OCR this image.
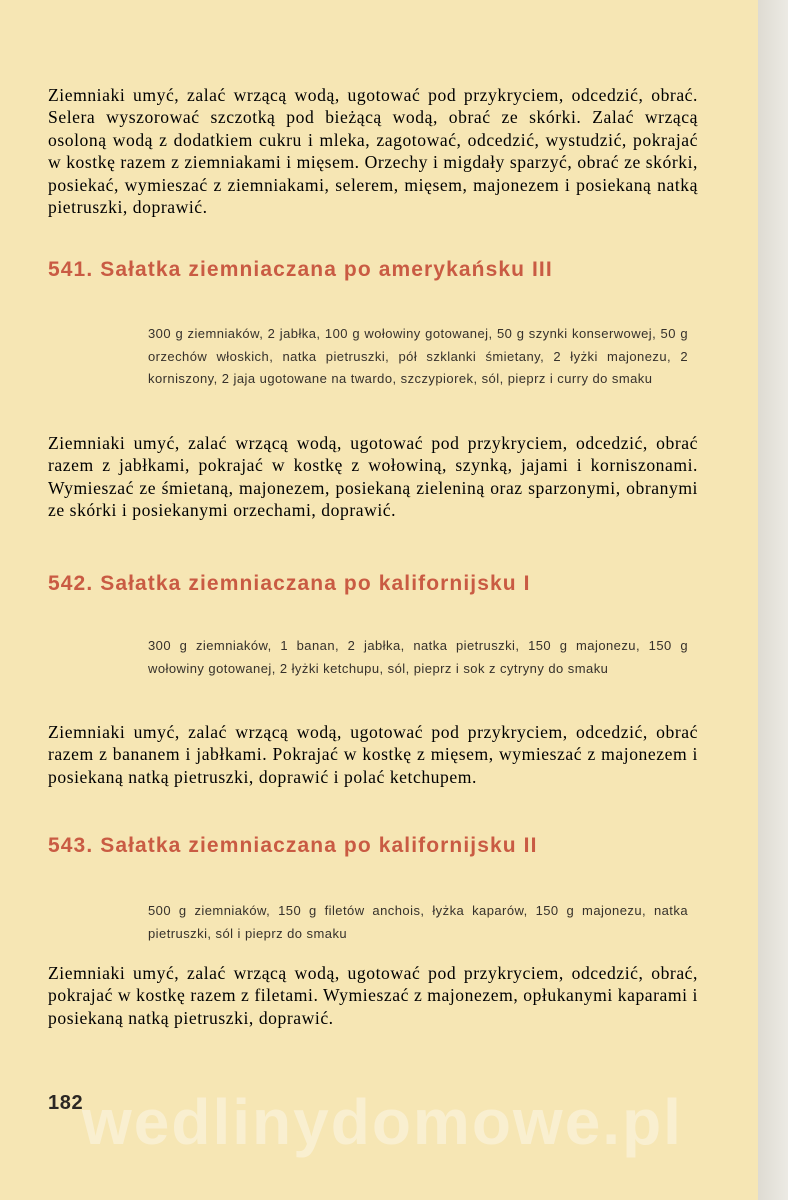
Ziemniaki umyć, zalać wrzącą wodą, ugotować pod przykryciem, odcedzić, obrać. Selera wyszorować szczotką pod bieżącą wodą, obrać ze skórki. Zalać wrzącą osoloną wodą z dodatkiem cukru i mleka, zagotować, odcedzić, wystudzić, pokrajać w kostkę razem z ziemniakami i mięsem. Orzechy i migdały sparzyć, obrać ze skórki, posiekać, wymieszać z ziemniakami, selerem, mięsem, majonezem i posiekaną natką pietruszki, doprawić.

541. Sałatka ziemniaczana po amerykańsku III

300 g ziemniaków, 2 jabłka, 100 g wołowiny gotowanej, 50 g szynki konserwowej, 50 g orzechów włoskich, natka pietruszki, pół szklanki śmietany, 2 łyżki majonezu, 2 korniszony, 2 jaja ugotowane na twardo, szczypiorek, sól, pieprz i curry do smaku

Ziemniaki umyć, zalać wrzącą wodą, ugotować pod przykryciem, odcedzić, obrać razem z jabłkami, pokrajać w kostkę z wołowiną, szynką, jajami i korniszonami. Wymieszać ze śmietaną, majonezem, posiekaną zieleniną oraz sparzonymi, obranymi ze skórki i posiekanymi orzechami, doprawić.

542. Sałatka ziemniaczana po kalifornijsku I

300 g ziemniaków, 1 banan, 2 jabłka, natka pietruszki, 150 g majonezu, 150 g wołowiny gotowanej, 2 łyżki ketchupu, sól, pieprz i sok z cytryny do smaku

Ziemniaki umyć, zalać wrzącą wodą, ugotować pod przykryciem, odcedzić, obrać razem z bananem i jabłkami. Pokrajać w kostkę z mięsem, wymieszać z majonezem i posiekaną natką pietruszki, doprawić i polać ketchupem.

543. Sałatka ziemniaczana po kalifornijsku II

500 g ziemniaków, 150 g filetów anchois, łyżka kaparów, 150 g majonezu, natka pietruszki, sól i pieprz do smaku

Ziemniaki umyć, zalać wrzącą wodą, ugotować pod przykryciem, odcedzić, obrać, pokrajać w kostkę razem z filetami. Wymieszać z majonezem, opłukanymi kaparami i posiekaną natką pietruszki, doprawić.

wedlinydomowe.pl
182
